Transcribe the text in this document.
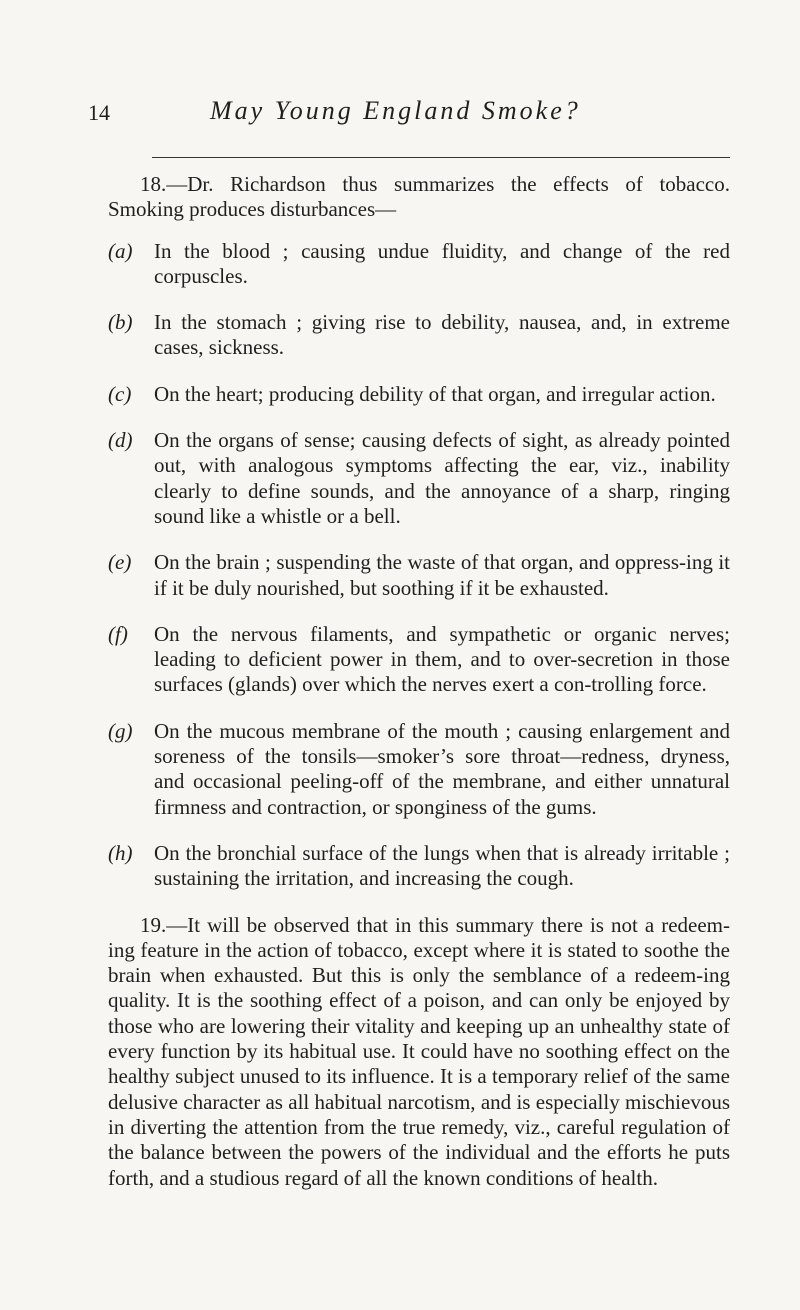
14	May Young England Smoke?

18.—Dr. Richardson thus summarizes the effects of tobacco. Smoking produces disturbances—

(a) In the blood ; causing undue fluidity, and change of the red corpuscles.
(b) In the stomach ; giving rise to debility, nausea, and, in extreme cases, sickness.
(c) On the heart; producing debility of that organ, and irregular action.
(d) On the organs of sense; causing defects of sight, as already pointed out, with analogous symptoms affecting the ear, viz., inability clearly to define sounds, and the annoyance of a sharp, ringing sound like a whistle or a bell.
(e) On the brain ; suspending the waste of that organ, and oppress-ing it if it be duly nourished, but soothing if it be exhausted.
(f) On the nervous filaments, and sympathetic or organic nerves; leading to deficient power in them, and to over-secretion in those surfaces (glands) over which the nerves exert a con-trolling force.
(g) On the mucous membrane of the mouth ; causing enlargement and soreness of the tonsils—smoker’s sore throat—redness, dryness, and occasional peeling-off of the membrane, and either unnatural firmness and contraction, or sponginess of the gums.
(h) On the bronchial surface of the lungs when that is already irritable ; sustaining the irritation, and increasing the cough.

19.—It will be observed that in this summary there is not a redeem-ing feature in the action of tobacco, except where it is stated to soothe the brain when exhausted. But this is only the semblance of a redeem-ing quality. It is the soothing effect of a poison, and can only be enjoyed by those who are lowering their vitality and keeping up an unhealthy state of every function by its habitual use. It could have no soothing effect on the healthy subject unused to its influence. It is a temporary relief of the same delusive character as all habitual narcotism, and is especially mischievous in diverting the attention from the true remedy, viz., careful regulation of the balance between the powers of the individual and the efforts he puts forth, and a studious regard of all the known conditions of health.
